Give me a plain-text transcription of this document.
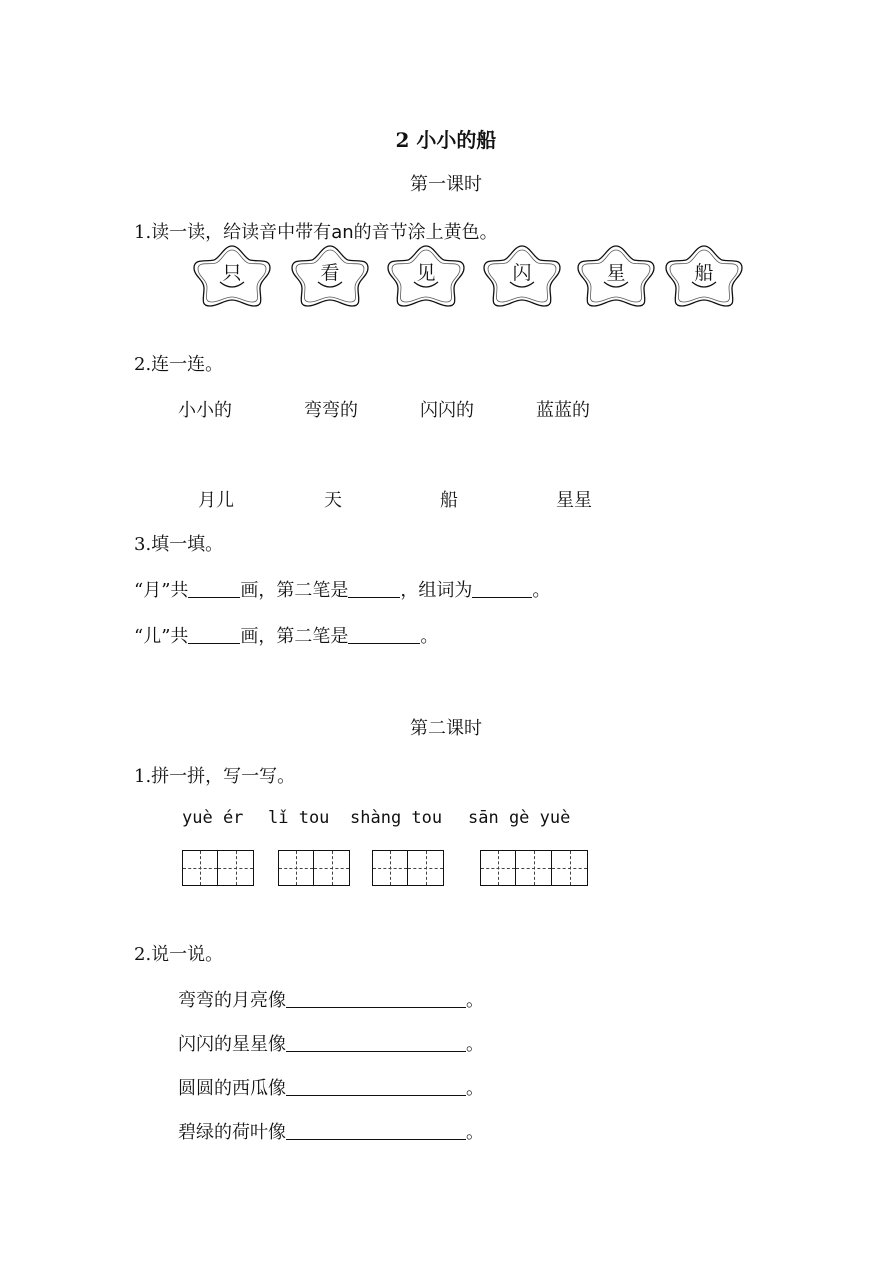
2 小小的船
第一课时
1.读一读，给读音中带有an的音节涂上黄色。
只	看	见	闪	星	船
2.连一连。
小小的	弯弯的	闪闪的	蓝蓝的
月儿	天	船	星星
3.填一填。
“月”共	画，第二笔是	，组词为	。
“儿”共	画，第二笔是	。
第二课时
1.拼一拼，写一写。
yuè ér lǐ tou shàng tou sān gè yuè
2.说一说。
弯弯的月亮像	。
闪闪的星星像	。
圆圆的西瓜像	。
碧绿的荷叶像	。
